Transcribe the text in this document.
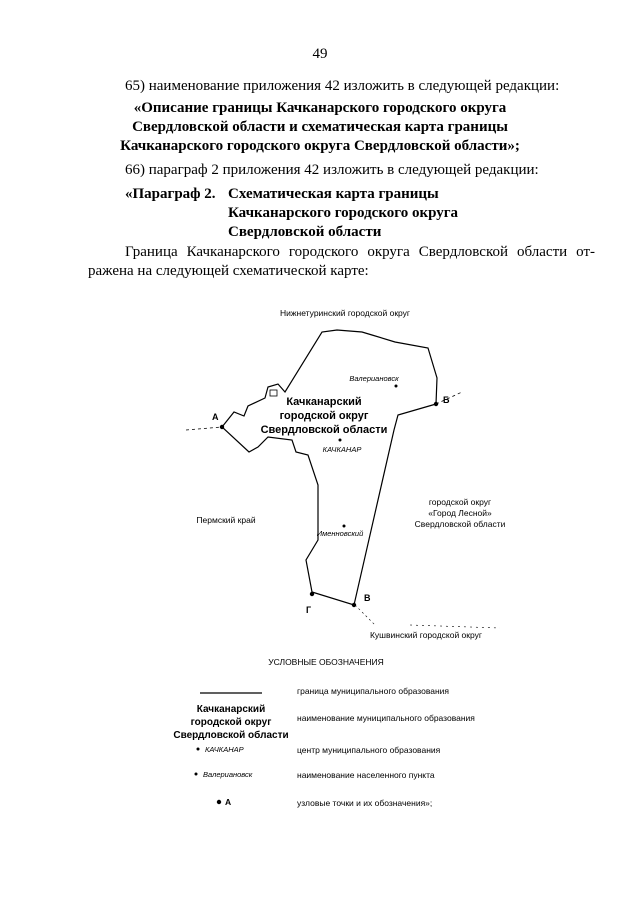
49
65) наименование приложения 42 изложить в следующей редакции:
«Описание границы Качканарского городского округа
Свердловской области и схематическая карта границы
Качканарского городского округа Свердловской области»;
66) параграф 2 приложения 42 изложить в следующей редакции:
«Параграф 2. Схематическая карта границы
Качканарского городского округа
Свердловской области
Граница Качканарского городского округа Свердловской области от-
ражена на следующей схематической карте:
Нижнетуринский городской округ
Пермский край
городской округ
«Город Лесной»
Свердловской области
Кушвинский городской округ
Качканарский
городской округ
Свердловской области
Валериановск
КАЧКАНАР
Именновский
А
Б
В
Г
УСЛОВНЫЕ ОБОЗНАЧЕНИЯ
КАЧКАНАР
Валериановск
А
Качканарский
городской округ
Свердловской области
граница муниципального образования
наименование муниципального образования
центр муниципального образования
наименование населенного пункта
узловые точки и их обозначения»;
